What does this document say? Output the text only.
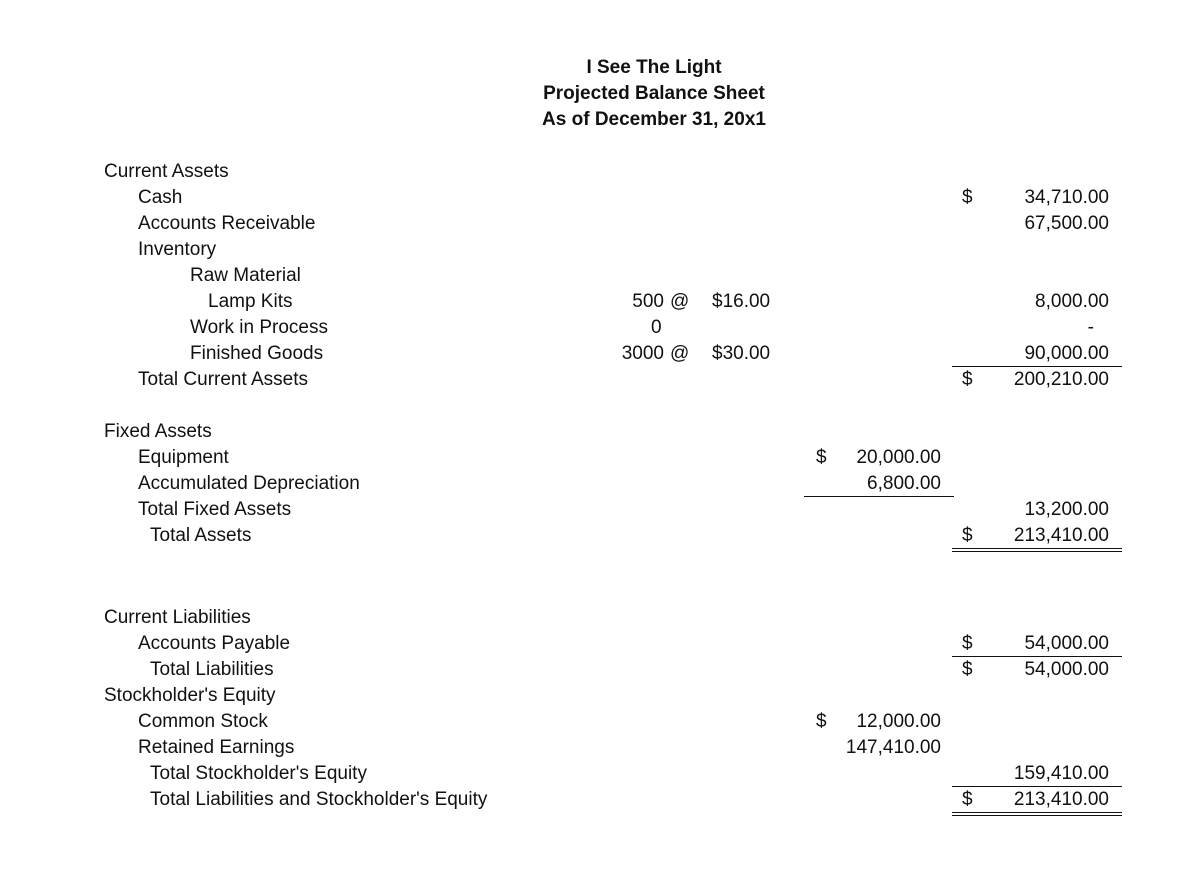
I See The Light
Projected Balance Sheet
As of December 31, 20x1
Current Assets
Cash	$	34,710.00
Accounts Receivable	67,500.00
Inventory
Raw Material
Lamp Kits	500 @ $16.00	8,000.00
Work in Process	0	-
Finished Goods	3000 @ $30.00	90,000.00
Total Current Assets	$ 200,210.00
Fixed Assets
Equipment	$ 20,000.00
Accumulated Depreciation	6,800.00
Total Fixed Assets	13,200.00
Total Assets	$ 213,410.00
Current Liabilities
Accounts Payable	$	54,000.00
Total Liabilities	$	54,000.00
Stockholder's Equity
Common Stock	$ 12,000.00
Retained Earnings	147,410.00
Total Stockholder's Equity	159,410.00
Total Liabilities and Stockholder's Equity	$ 213,410.00
